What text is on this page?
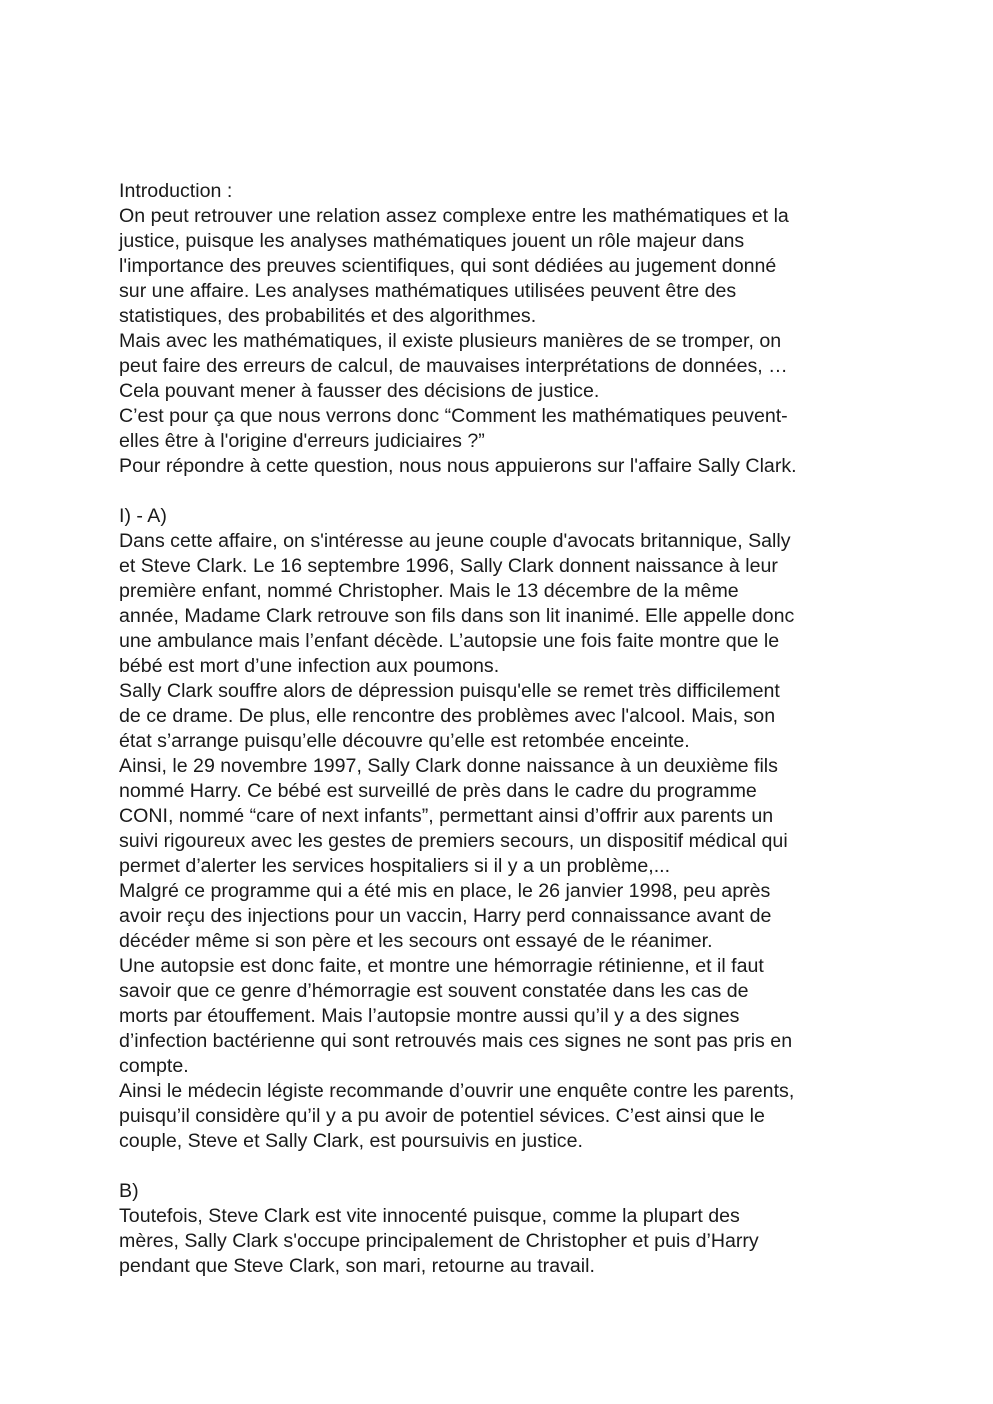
Introduction :
On peut retrouver une relation assez complexe entre les mathématiques et la
justice, puisque les analyses mathématiques jouent un rôle majeur dans
l'importance des preuves scientifiques, qui sont dédiées au jugement donné
sur une affaire. Les analyses mathématiques utilisées peuvent être des
statistiques, des probabilités et des algorithmes.
Mais avec les mathématiques, il existe plusieurs manières de se tromper, on
peut faire des erreurs de calcul, de mauvaises interprétations de données, …
Cela pouvant mener à fausser des décisions de justice.
C’est pour ça que nous verrons donc “Comment les mathématiques peuvent-
elles être à l'origine d'erreurs judiciaires ?”
Pour répondre à cette question, nous nous appuierons sur l'affaire Sally Clark.
I) - A)
Dans cette affaire, on s'intéresse au jeune couple d'avocats britannique, Sally
et Steve Clark. Le 16 septembre 1996, Sally Clark donnent naissance à leur
première enfant, nommé Christopher. Mais le 13 décembre de la même
année, Madame Clark retrouve son fils dans son lit inanimé. Elle appelle donc
une ambulance mais l’enfant décède. L’autopsie une fois faite montre que le
bébé est mort d’une infection aux poumons.
Sally Clark souffre alors de dépression puisqu'elle se remet très difficilement
de ce drame. De plus, elle rencontre des problèmes avec l'alcool. Mais, son
état s’arrange puisqu’elle découvre qu’elle est retombée enceinte.
Ainsi, le 29 novembre 1997, Sally Clark donne naissance à un deuxième fils
nommé Harry. Ce bébé est surveillé de près dans le cadre du programme
CONI, nommé “care of next infants”, permettant ainsi d’offrir aux parents un
suivi rigoureux avec les gestes de premiers secours, un dispositif médical qui
permet d’alerter les services hospitaliers si il y a un problème,...
Malgré ce programme qui a été mis en place, le 26 janvier 1998, peu après
avoir reçu des injections pour un vaccin, Harry perd connaissance avant de
décéder même si son père et les secours ont essayé de le réanimer.
Une autopsie est donc faite, et montre une hémorragie rétinienne, et il faut
savoir que ce genre d’hémorragie est souvent constatée dans les cas de
morts par étouffement. Mais l’autopsie montre aussi qu’il y a des signes
d’infection bactérienne qui sont retrouvés mais ces signes ne sont pas pris en
compte.
Ainsi le médecin légiste recommande d’ouvrir une enquête contre les parents,
puisqu’il considère qu’il y a pu avoir de potentiel sévices. C’est ainsi que le
couple, Steve et Sally Clark, est poursuivis en justice.
B)
Toutefois, Steve Clark est vite innocenté puisque, comme la plupart des
mères, Sally Clark s'occupe principalement de Christopher et puis d’Harry
pendant que Steve Clark, son mari, retourne au travail.
